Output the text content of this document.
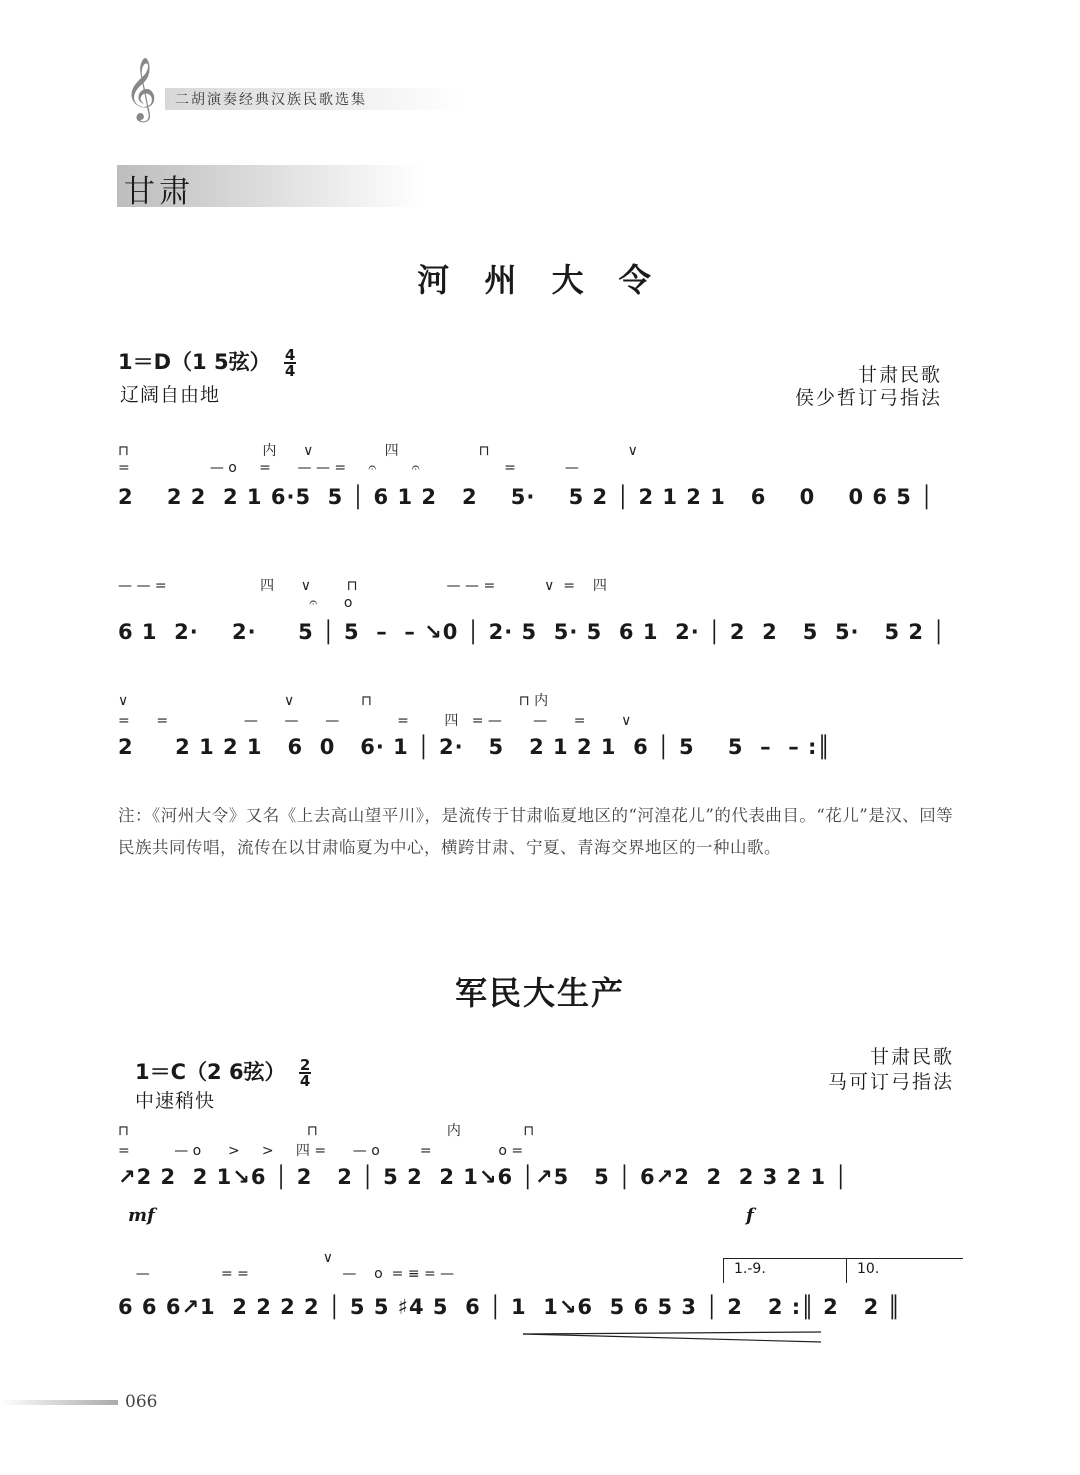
𝄞 二胡演奏经典汉族民歌选集
甘肃
河 州 大 令
1＝D（1 5弦） $\frac{4}{4}$
辽阔自由地
甘肃民歌
侯少哲订弓指法
⊓                              内      ∨                四                  ⊓                               ∨
=                  — o     =      — — =     𝄐        𝄐                   =           —
2    2 2  2 1 6·5  5 │ 6 1 2   2    5·    5 2 │ 2 1 2 1   6    0    0 6 5 │
— — =                     四      ∨        ⊓                    — — =           ∨  =    四
𝄐      o
6 1  2·    2·     5 │ 5  –  – ↘0 │ 2· 5  5· 5  6 1  2· │ 2  2   5  5·   5 2 │
∨                                   ∨               ⊓                                 ⊓ 内
=      =                 —      —      —             =        四   = —       —      =        ∨
2     2 1 2 1   6  0   6· 1 │ 2·   5   2 1 2 1  6 │ 5    5  –  – :║
注：《河州大令》又名《上去高山望平川》，是流传于甘肃临夏地区的“河湟花儿”的代表曲目。“花儿”是汉、回等民族共同传唱，流传在以甘肃临夏为中心，横跨甘肃、宁夏、青海交界地区的一种山歌。
军民大生产
1＝C（2 6弦） $\frac{2}{4}$
中速稍快
甘肃民歌
马可订弓指法
⊓                                        ⊓                             内              ⊓
=          — o      >     >     四 =      — o         =               o =
↗2 2  2 1↘6 │ 2   2 │ 5 2  2 1↘6 │↗5   5 │ 6↗2  2  2 3 2 1 │
mf	f
1.-9.	10.
∨
—                = =                     —    o  = ≡ = —
6 6 6↗1  2 2 2 2 │ 5 5 ♯4 5  6 │ 1  1↘6  5 6 5 3 │ 2   2 :║ 2   2 ║
066
